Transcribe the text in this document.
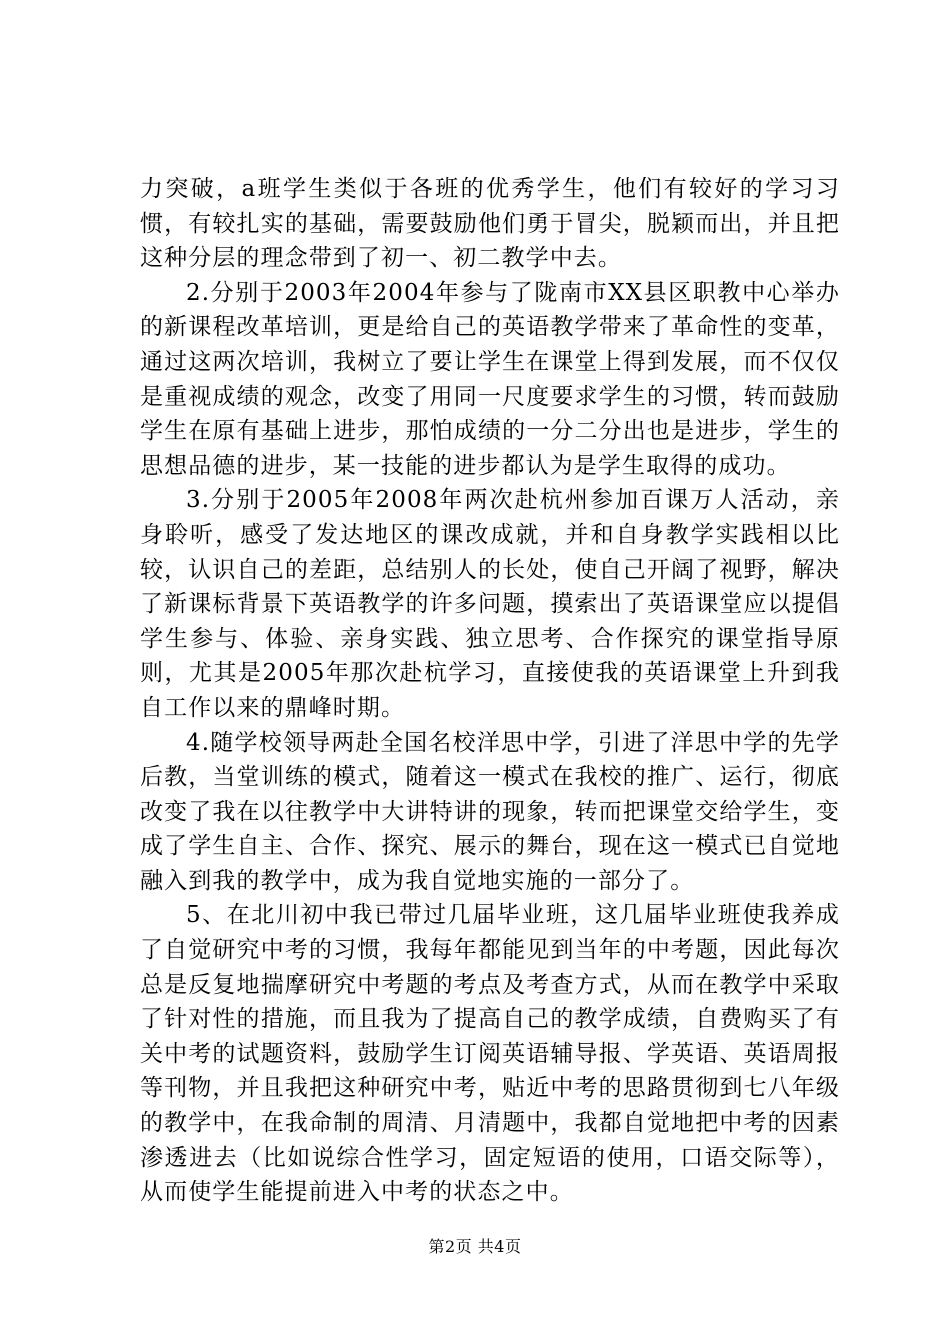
力突破，a班学生类似于各班的优秀学生，他们有较好的学习习惯，有较扎实的基础，需要鼓励他们勇于冒尖，脱颖而出，并且把这种分层的理念带到了初一、初二教学中去。

2.分别于2003年2004年参与了陇南市XX县区职教中心举办的新课程改革培训，更是给自己的英语教学带来了革命性的变革，通过这两次培训，我树立了要让学生在课堂上得到发展，而不仅仅是重视成绩的观念，改变了用同一尺度要求学生的习惯，转而鼓励学生在原有基础上进步，那怕成绩的一分二分出也是进步，学生的思想品德的进步，某一技能的进步都认为是学生取得的成功。

3.分别于2005年2008年两次赴杭州参加百课万人活动，亲身聆听，感受了发达地区的课改成就，并和自身教学实践相以比较，认识自己的差距，总结别人的长处，使自己开阔了视野，解决了新课标背景下英语教学的许多问题，摸索出了英语课堂应以提倡学生参与、体验、亲身实践、独立思考、合作探究的课堂指导原则，尤其是2005年那次赴杭学习，直接使我的英语课堂上升到我自工作以来的鼎峰时期。

4.随学校领导两赴全国名校洋思中学，引进了洋思中学的先学后教，当堂训练的模式，随着这一模式在我校的推广、运行，彻底改变了我在以往教学中大讲特讲的现象，转而把课堂交给学生，变成了学生自主、合作、探究、展示的舞台，现在这一模式已自觉地融入到我的教学中，成为我自觉地实施的一部分了。

5、在北川初中我已带过几届毕业班，这几届毕业班使我养成了自觉研究中考的习惯，我每年都能见到当年的中考题，因此每次总是反复地揣摩研究中考题的考点及考查方式，从而在教学中采取了针对性的措施，而且我为了提高自己的教学成绩，自费购买了有关中考的试题资料，鼓励学生订阅英语辅导报、学英语、英语周报等刊物，并且我把这种研究中考，贴近中考的思路贯彻到七八年级的教学中，在我命制的周清、月清题中，我都自觉地把中考的因素渗透进去（比如说综合性学习，固定短语的使用，口语交际等），从而使学生能提前进入中考的状态之中。

第2页 共4页
